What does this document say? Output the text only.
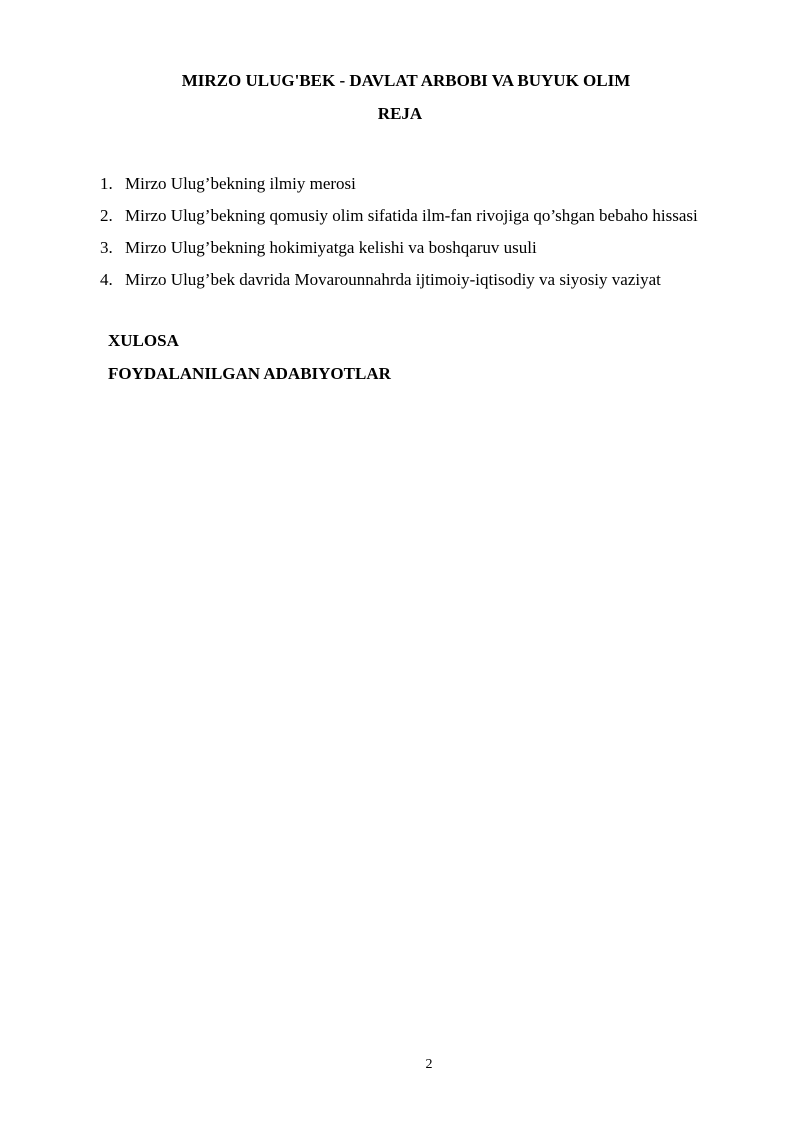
MIRZO ULUG'BEK - DAVLAT ARBOBI VA BUYUK OLIM
REJA
1. Mirzo Ulug’bekning ilmiy merosi
2. Mirzo Ulug’bekning qomusiy olim sifatida ilm-fan rivojiga qo’shgan bebaho hissasi
3. Mirzo Ulug’bekning hokimiyatga kelishi va boshqaruv usuli
4. Mirzo Ulug’bek davrida Movarounnahrda ijtimoiy-iqtisodiy va siyosiy vaziyat
XULOSA
FOYDALANILGAN ADABIYOTLAR
2
